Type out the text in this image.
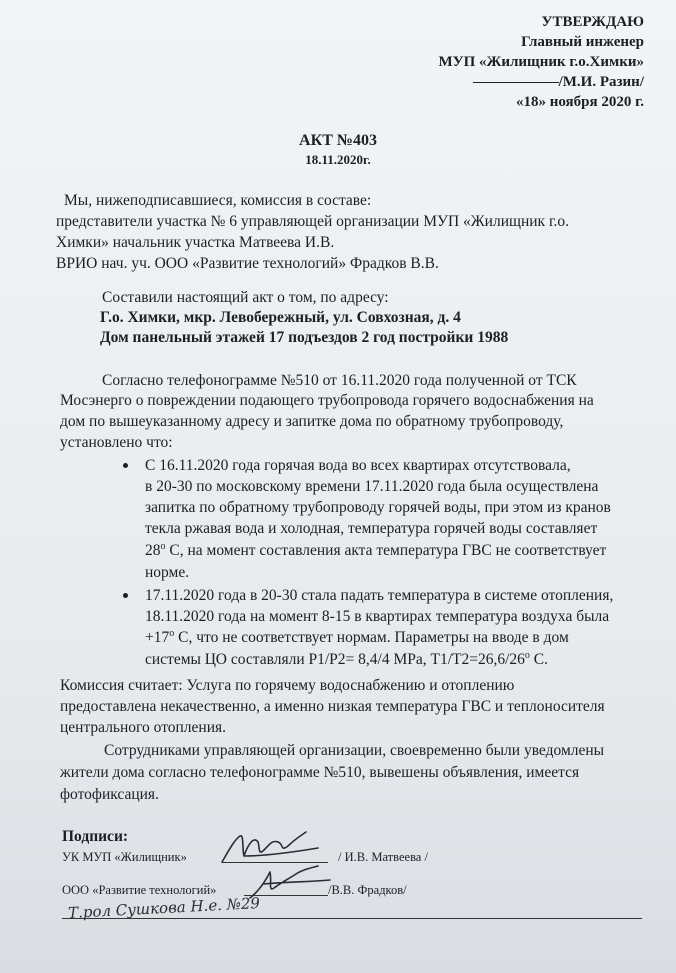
УТВЕРЖДАЮ
Главный инженер
МУП «Жилищник г.о.Химки»
/М.И. Разин/
«18» ноября 2020 г.
АКТ №403
18.11.2020г.
Мы, нижеподписавшиеся, комиссия в составе:
представители участка № 6 управляющей организации МУП «Жилищник г.о.
Химки» начальник участка Матвеева И.В.
ВРИО нач. уч. ООО «Развитие технологий» Фрадков В.В.
Составили настоящий акт о том, по адресу:
Г.о. Химки, мкр. Левобережный, ул. Совхозная, д. 4
Дом панельный этажей 17 подъездов 2 год постройки 1988
Согласно телефонограмме №510 от 16.11.2020 года полученной от ТСК
Мосэнерго о повреждении подающего трубопровода горячего водоснабжения на
дом по вышеуказанному адресу и запитке дома по обратному трубопроводу,
установлено что:
С 16.11.2020 года горячая вода во всех квартирах отсутствовала,
в 20-30 по московскому времени 17.11.2020 года была осуществлена
запитка по обратному трубопроводу горячей воды, при этом из кранов
текла ржавая вода и холодная, температура горячей воды составляет
28$^o$ С, на момент составления акта температура ГВС не соответствует
норме.
17.11.2020 года в 20-30 стала падать температура в системе отопления,
18.11.2020 года на момент 8-15 в квартирах температура воздуха была
$+17^o$ С, что не соответствует нормам. Параметры на вводе в дом
системы ЦО составляли Р1/Р2= 8,4/4 МРа, $Т1/Т2=26,6/26^o$ С.
Комиссия считает: Услуга по горячему водоснабжению и отоплению
предоставлена некачественно, а именно низкая температура ГВС и теплоносителя
центрального отопления.
Сотрудниками управляющей организации, своевременно были уведомлены
жители дома согласно телефонограмме №510, вывешены объявления, имеется
фотофиксация.
Подписи:
УК МУП «Жилищник»	/ И.В. Матвеева /
ООО «Развитие технологий»	/В.В. Фрадков/
Т.рол Сушкова Н.е. №29
